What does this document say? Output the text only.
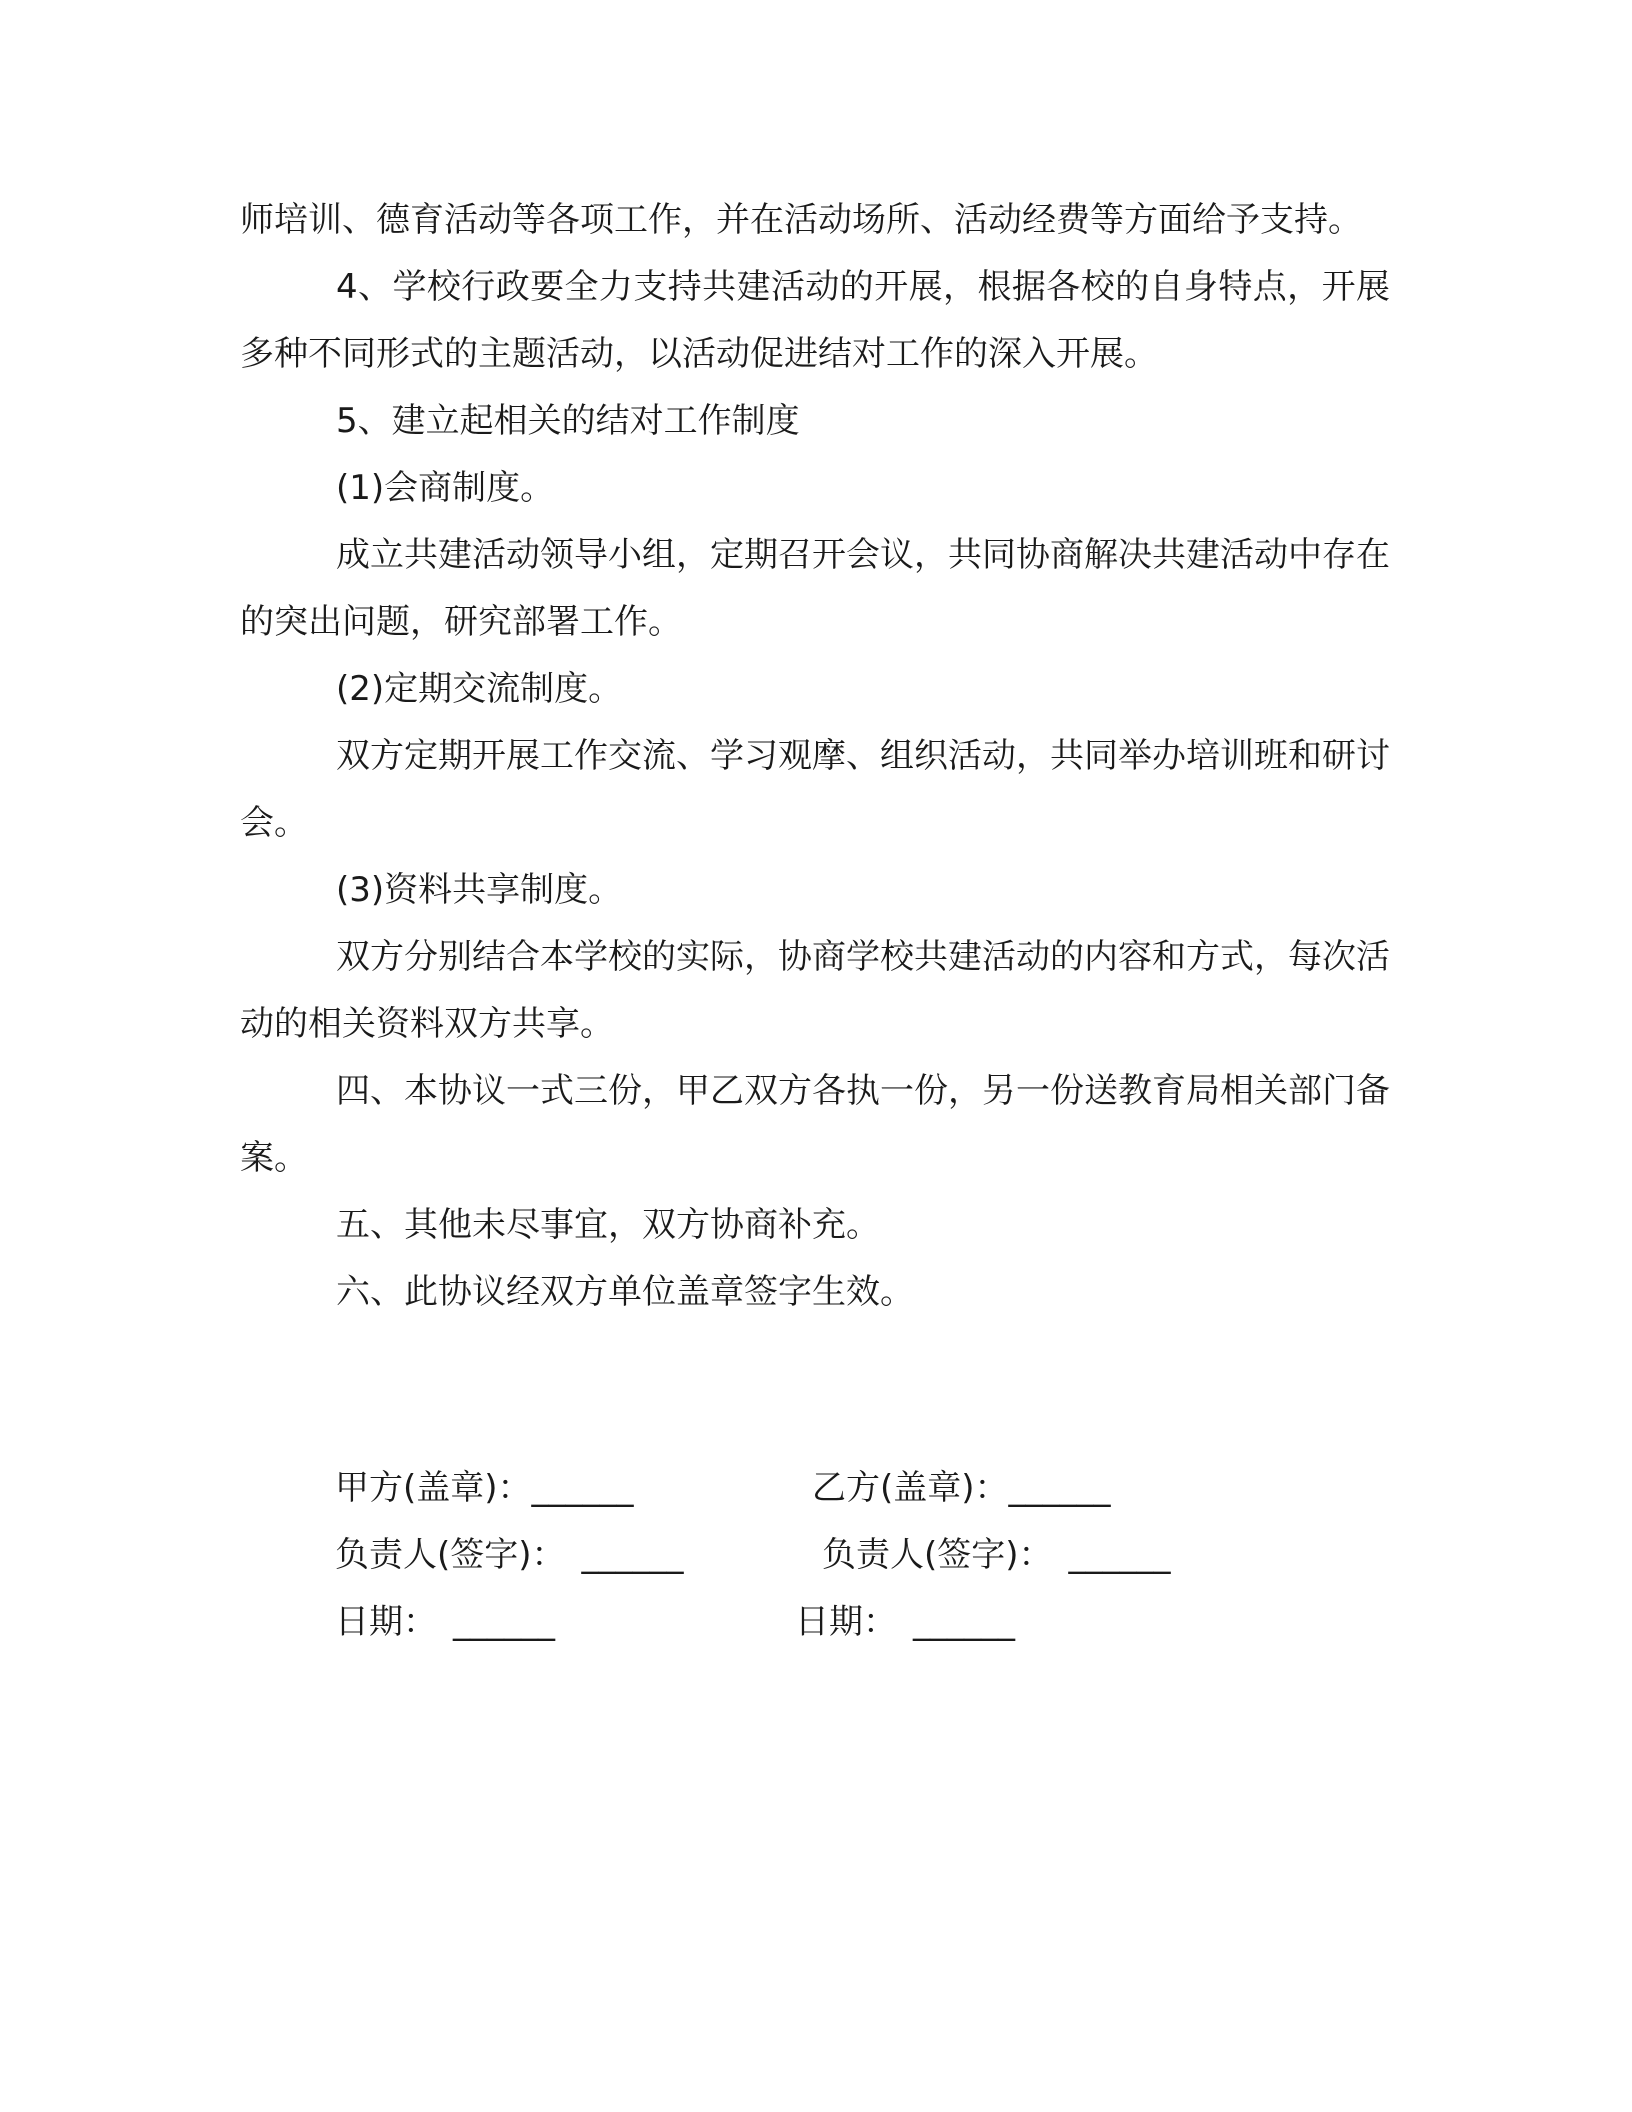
师培训、德育活动等各项工作，并在活动场所、活动经费等方面给予支持。

4、学校行政要全力支持共建活动的开展，根据各校的自身特点，开展多种不同形式的主题活动，以活动促进结对工作的深入开展。

5、建立起相关的结对工作制度

(1)会商制度。

成立共建活动领导小组，定期召开会议，共同协商解决共建活动中存在的突出问题，研究部署工作。

(2)定期交流制度。

双方定期开展工作交流、学习观摩、组织活动，共同举办培训班和研讨会。

(3)资料共享制度。

双方分别结合本学校的实际，协商学校共建活动的内容和方式，每次活动的相关资料双方共享。

四、本协议一式三份，甲乙双方各执一份，另一份送教育局相关部门备案。

五、其他未尽事宜，双方协商补充。

六、此协议经双方单位盖章签字生效。

甲方(盖章)：______
负责人(签字)： ______
日期： ______
乙方(盖章)：______
负责人(签字)： ______
日期： ______
